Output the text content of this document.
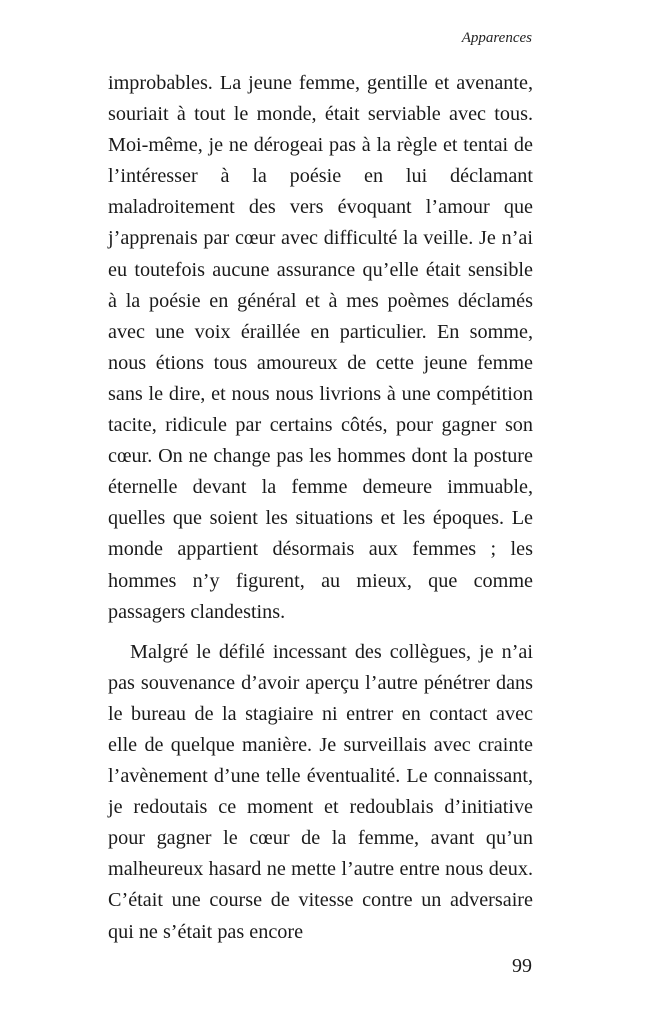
Apparences

improbables. La jeune femme, gentille et avenante, souriait à tout le monde, était serviable avec tous. Moi-même, je ne dérogeai pas à la règle et tentai de l’intéresser à la poésie en lui déclamant maladroitement des vers évoquant l’amour que j’apprenais par cœur avec difficulté la veille. Je n’ai eu toutefois aucune assurance qu’elle était sensible à la poésie en général et à mes poèmes déclamés avec une voix éraillée en particulier. En somme, nous étions tous amoureux de cette jeune femme sans le dire, et nous nous livrions à une compétition tacite, ridicule par certains côtés, pour gagner son cœur. On ne change pas les hommes dont la posture éternelle devant la femme demeure immuable, quelles que soient les situations et les époques. Le monde appartient désormais aux femmes ; les hommes n’y figurent, au mieux, que comme passagers clandestins.

Malgré le défilé incessant des collègues, je n’ai pas souvenance d’avoir aperçu l’autre pénétrer dans le bureau de la stagiaire ni entrer en contact avec elle de quelque manière. Je surveillais avec crainte l’avènement d’une telle éventualité. Le connaissant, je redoutais ce moment et redoublais d’initiative pour gagner le cœur de la femme, avant qu’un malheureux hasard ne mette l’autre entre nous deux. C’était une course de vitesse contre un adversaire qui ne s’était pas encore

99
